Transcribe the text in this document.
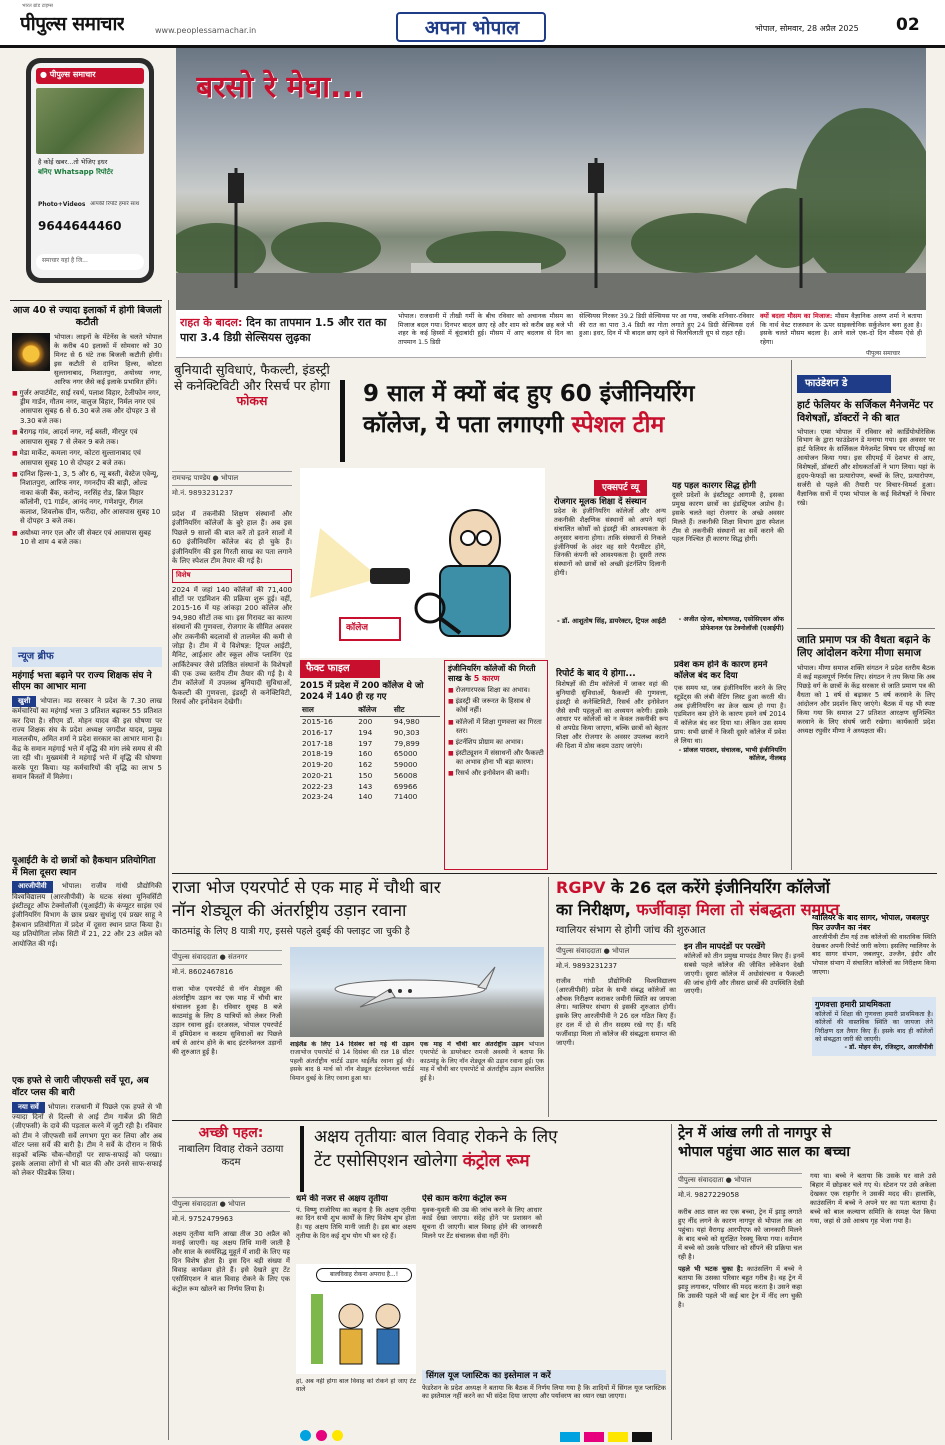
भारत ब्रांड टाइम्स
पीपुल्स समाचार	www.peoplessamachar.in	अपना भोपाल	भोपाल, सोमवार, 28 अप्रैल 2025 02
● पीपुल्स समाचार
है कोई खबर...तो भेजिए इधर
बनिए Whatsapp रिपोर्टर
Photo+Videos आपकी रिपोर्ट हमारे साथ
9644644460
समाचार यहां है जि...
बरसो रे मेघा...
राहत के बादल: दिन का तापमान 1.5 और रात का पारा 3.4 डिग्री सेल्सियस लुढ़का
भोपाल। राजधानी में तीखी गर्मी के बीच रविवार को अचानक मौसम का मिजाज बदल गया। दिनभर बादल छाए रहे और शाम को करीब छह बजे भी शहर के कई हिस्सों में बूंदाबांदी हुई। मौसम में आए बदलाव से दिन का तापमान 1.5 डिग्री
सेल्सियस गिरकर 39.2 डिग्री सेल्सियस पर आ गया, जबकि शनिवार-रविवार की रात का पारा 3.4 डिग्री का गोता लगाते हुए 24 डिग्री सेल्सियस दर्ज हुआ। इधर, दिन में भी बादल छाए रहने से चिलचिलाती धूप से राहत रही।
क्यों बदला मौसम का मिजाज: मौसम वैज्ञानिक अरुण शर्मा ने बताया कि नार्थ वेस्ट राजस्थान के ऊपर साइक्लोनिक सर्कुलेशन बना हुआ है। इसके चलते मौसम बदला है। आने वाले एक-दो दिन मौसम ऐसे ही रहेगा।
पीपुल्स समाचार
आज 40 से ज्यादा इलाकों में होगी बिजली कटौती
भोपाल। लाइनों के मेंटेनेंस के चलते भोपाल के करीब 40 इलाकों में सोमवार को 30 मिनट से 6 घंटे तक बिजली कटौती होगी। इस कटौती से दानिश हिल्स, कोटरा सुल्तानाबाद, निशातपुरा, अयोध्या नगर, आरिफ नगर जैसे कई इलाके प्रभावित होंगे।
■ गुर्जर अपार्टमेंट, साई रवर्थ, पलाश विहार, टेलीफोन नगर, ड्रीम गार्डन, गौतम नगर, वालुज विहार, निर्मल नगर एवं आसपास सुबह 6 से 6.30 बजे तक और दोपहर 3 से 3.30 बजे तक।
■ बैरागढ़ गांव, आदर्श नगर, नई बस्ती, मीरपुर एवं आसपास सुबह 7 से लेकर 9 बजे तक।
■ मेडा मार्केट, कमला नगर, कोटरा सुल्तानाबाद एवं आसपास सुबह 10 से दोपहर 2 बजे तक।
■ दानिश हिल्स-1, 3, 5 और 6, न्यू बस्ती, वेस्टेज एवेन्यू, निशातपुरा, आरिफ नगर, गगनदीप की बाड़ी, ओल्ड नाका कंजी बैंक, करोन्द, नरसिंह रोड, ब्रिज विहार कॉलोनी, ए1 गार्डन, आनंद नगर, गणेशपुर, रीगल कलाश, शिवलोक ग्रीन, फरीदा, और आसपास सुबह 10 से दोपहर 3 बजे तक।
■ अयोध्या नगर एल और जी सेक्टर एवं आसपास सुबह 10 से शाम 4 बजे तक।
न्यूज ब्रीफ
महंगाई भत्ता बढ़ाने पर राज्य शिक्षक संघ ने सीएम का आभार माना
खुशी भोपाल। मप्र सरकार ने प्रदेश के 7.30 लाख कर्मचारियों का महंगाई भत्ता 3 प्रतिशत बढ़ाकर 55 प्रतिशत कर दिया है। सीएम डॉ. मोहन यादव की इस घोषणा पर राज्य शिक्षक संघ के प्रदेश अध्यक्ष जगदीश यादव, प्रमुख माललवीय, अमित शर्मा ने प्रदेश सरकार का आभार माना है। केंद्र के समान महंगाई भत्ते में वृद्धि की मांग लंबे समय से की जा रही थी। मुख्यमंत्री ने महंगाई भत्ते में वृद्धि की घोषणा करके पूरा किया। यह कर्मचारियों की वृद्धि का लाभ 5 समान किस्तों में मिलेगा।
यूआईटी के दो छात्रों को हैकथान प्रतियोगिता में मिला दूसरा स्थान
आरजीपीवी भोपाल। राजीव गांधी प्रौद्योगिकी विश्वविद्यालय (आरजीपीवी) के घटक संस्था यूनिवर्सिटी इंस्टीट्यूट ऑफ टेक्नोलॉजी (यूआईटी) के कंप्यूटर साइंस एवं इंजीनियरिंग विभाग के छात्र प्रखर सुधांशु एवं प्रखर साहू ने हैकथान प्रतियोगिता में प्रदेश में दूसरा स्थान प्राप्त किया है। यह प्रतियोगिता लोक सिटी में 21, 22 और 23 अप्रैल को आयोजित की गई।
एक हफ्ते से जारी जीएफसी सर्वे पूरा, अब वॉटर प्लस की बारी
नया सर्वे भोपाल। राजधानी में पिछले एक हफ्ते से भी ज्यादा दिनों से दिल्ली से आई टीम गार्बेज फ्री सिटी (जीएफसी) के दावे की पड़ताल करने में जुटी रही है। रविवार को टीम ने जीएफसी सर्वे लगभग पूरा कर लिया और अब वॉटर प्लस सर्वे की बारी है। टीम ने सर्वे के दौरान न सिर्फ सड़कों बल्कि चौक-चौराहों पर साफ-सफाई को परखा। इसके अलावा लोगों से भी बात की और उनसे साफ-सफाई को लेकर फीडबैक लिया।
बुनियादी सुविधाएं, फैकल्टी, इंडस्ट्री से कनेक्टिविटी और रिसर्च पर होगा फोकस	9 साल में क्यों बंद हुए 60 इंजीनियरिंग
कॉलेज, ये पता लगाएगी स्पेशल टीम
रामचन्द्र पाण्डेय ● भोपाल
मो.नं. 9893231237
प्रदेश में तकनीकी शिक्षण संस्थानों और इंजीनियरिंग कॉलेजों के बुरे हाल हैं। अब इस पिछले 9 सालों की बात करें तो इतने सालों में 60 इंजीनियरिंग कॉलेज बंद हो चुके हैं। इंजीनियरिंग की इस गिरती साख का पता लगाने के लिए स्पेशल टीम तैयार की गई है।
विशेष
2024 में जहां 140 कॉलेजों की 71,400 सीटों पर एडमिशन की प्रक्रिया शुरू हुई। वहीं, 2015-16 में यह आंकड़ा 200 कॉलेज और 94,980 सीटों तक था। इस गिरावट का कारण संस्थानों की गुणवत्ता, रोजगार के सीमित अवसर और तकनीकी बदलावों से तालमेल की कमी से जोड़ा है। टीम में ये विशेषज्ञ: ट्रिपल आईटी, मैनिट, आईआर और स्कूल ऑफ प्लानिंग एंड आर्किटेक्चर जैसे प्रतिष्ठित संस्थानों के विशेषज्ञों की एक उच्च स्तरीय टीम तैयार की गई है। ये टीम कॉलेजों में उपलब्ध बुनियादी सुविधाओं, फैकल्टी की गुणवत्ता, इंडस्ट्री से कनेक्टिविटी, रिसर्च और इनोवेशन देखेगी।
कॉलेज
फैक्ट फाइल
2015 में प्रदेश में 200 कॉलेज थे जो 2024 में 140 ही रह गए
साल	कॉलेज	सीट
2015-16	200	94,980
2016-17	194	90,303
2017-18	197	79,899
2018-19	160	65000
2019-20	162	59000
2020-21	150	56008
2022-23	143	69966
2023-24	140	71400
इंजीनियरिंग कॉलेजों की गिरती साख के 5 कारण
■ रोजगारपरक शिक्षा का अभाव।
■ इंडस्ट्री की जरूरत के हिसाब से कोर्स नहीं।
■ कॉलेजों में शिक्षा गुणवत्ता का गिरता स्तर।
■ इंटर्नशिप प्रोग्राम का अभाव।
■ इंस्टीट्यूशन में संसाधनों और फैकल्टी का अभाव होना भी बड़ा कारण।
■ रिसर्च और इनोवेशन की कमी।
एक्सपर्ट व्यू
रोजगार मूलक शिक्षा दें संस्थान
प्रदेश के इंजीनियरिंग कॉलेजों और अन्य तकनीकी शैक्षणिक संस्थानों को अपने यहां संचालित कोर्सों को इंडस्ट्री की आवश्यकता के अनुसार बनाना होगा। ताकि संस्थानों से निकले इंजीनियर्स के अंदर वह सारे पैरामीटर होंगे, जिनकी कंपनी को आवश्यकता है। दूसरी तरफ संस्थानों को छात्रों को अच्छी इंटर्नशिप दिलानी होगी।
- डॉ. आशुतोष सिंह, डायरेक्टर, ट्रिपल आईटी
यह पहल कारगर सिद्ध होगी
दूसरे प्रदेशों के इंस्टीट्यूट आगामी है, इसका प्रमुख कारण छात्रों का इंडस्ट्रियल अप्रोच है। इसके चलते वहां रोजगार के अच्छे अवसर मिलते हैं। तकनीकी शिक्षा विभाग द्वारा स्पेशल टीम से तकनीकी संस्थानों का सर्वे कराने की पहल निश्चित ही कारगर सिद्ध होगी।
- अजीत रहेजा, कोषाध्यक्ष, एसोसिएशन ऑफ प्रोफेशनल एंड टेक्नोलॉजी (एआईपी)
रिपोर्ट के बाद ये होगा...
विशेषज्ञों की टीम कॉलेजों में जाकर वहां की बुनियादी सुविधाओं, फैकल्टी की गुणवत्ता, इंडस्ट्री से कनेक्टिविटी, रिसर्च और इनोवेशन जैसे सभी पहलुओं का अध्ययन करेगी। इसके आधार पर कॉलेजों को न केवल तकनीकी रूप से अपग्रेड किया जाएगा, बल्कि छात्रों को बेहतर शिक्षा और रोजगार के अवसर उपलब्ध कराने की दिशा में ठोस कदम उठाए जाएंगे।
प्रवेश कम होने के कारण हमने कॉलेज बंद कर दिया
एक समय था, जब इंजीनियरिंग करने के लिए स्टूडेंट्स की लंबी वेटिंग लिस्ट हुआ करती थी। अब इंजीनियरिंग का क्रेज खत्म हो गया है। एडमिशन कम होने के कारण हमने वर्ष 2014 में कॉलेज बंद कर दिया था। लेकिन उस समय प्राय: सभी छात्रों ने किसी दूसरे कॉलेज में प्रवेश ले लिया था।
- प्रांजल पाराशर, संचालक, भाभी इंजीनियरिंग कॉलेज, नीलबड़
फाउंडेशन डे
हार्ट फेलियर के सर्जिकल मैनेजमेंट पर विशेषज्ञों, डॉक्टरों ने की बात
भोपाल। एम्स भोपाल में रविवार को कार्डियोथोरेसिक विभाग के द्वारा फाउंडेशन डे मनाया गया। इस अवसर पर हार्ट फेलियर के सर्जिकल मैनेजमेंट विषय पर सीएमई का आयोजन किया गया। इस सीएमई में देशभर से आए, विशेषज्ञों, डॉक्टरों और शोधकर्ताओं ने भाग लिया। यहां के हृदय-फेफड़ों का प्रत्यारोपण, बच्चों के लिए, प्रत्यारोपण, सर्जरी से पहले की तैयारी पर विचार-विमर्श हुआ। वैज्ञानिक सत्रों में एम्स भोपाल के कई विशेषज्ञों ने विचार रखे।
जाति प्रमाण पत्र की वैधता बढ़ाने के लिए आंदोलन करेगा मीणा समाज
भोपाल। मीणा समाज शक्ति संगठन ने प्रदेश स्तरीय बैठक में कई महत्वपूर्ण निर्णय लिए। संगठन ने तय किया कि अब पिछड़े वर्ग के छात्रों के केंद्र सरकार से जाति प्रमाण पत्र की वैधता को 1 वर्ष से बढ़ाकर 5 वर्ष करवाने के लिए आंदोलन और प्रदर्शन किए जाएंगे। बैठक में यह भी स्पष्ट किया गया कि समाज 27 प्रतिशत आरक्षण सुनिश्चित करवाने के लिए संघर्ष जारी रखेगा। कार्यकारी प्रदेश अध्यक्ष रघुवीर मीणा ने अध्यक्षता की।
राजा भोज एयरपोर्ट से एक माह में चौथी बार
नॉन शेड्यूल की अंतर्राष्ट्रीय उड़ान रवाना
काठमांडू के लिए 8 यात्री गए, इससे पहले दुबई की फ्लाइट जा चुकी है
पीपुल्स संवाददाता ● संतनगर
मो.नं. 8602467816
राजा भोज एयरपोर्ट से नॉन शेड्यूल की अंतर्राष्ट्रीय उड़ान का एक माह में चौथी बार संचालन हुआ है। रविवार सुबह 8 बजे काठमांडू के लिए 8 यात्रियों को लेकर निजी उड़ान रवाना हुई। दरअसल, भोपाल एयरपोर्ट में इमिग्रेशन व कस्टम सुविधाओं का पिछले वर्ष से आरंभ होने के बाद इंटरनेशनल उड़ानों की शुरुआत हुई है।
शाईलैंड के लिए 14 दिसंबर को गई थी उड़ान राजाभोज एयरपोर्ट से 14 दिसंबर की रात 18 सीटर पहली अंतर्राष्ट्रीय चार्टर्ड उड़ान थाईलैंड रवाना हुई थी। इसके बाद 8 मार्च को नॉन शेड्यूल इंटरनेशनल चार्टर्ड विमान दुबई के लिए रवाना हुआ था।
एक माह में चौथी बार अंतर्राष्ट्रीय उड़ान भोपाल एयरपोर्ट के डायरेक्टर रामजी अवस्थी ने बताया कि काठमांडू के लिए नॉन शेड्यूल की उड़ान रवाना हुई। एक माह में चौथी बार एयरपोर्ट से अंतर्राष्ट्रीय उड़ान संचालित हुई है।
RGPV के 26 दल करेंगे इंजीनियरिंग कॉलेजों
का निरीक्षण, फर्जीवाड़ा मिला तो संबद्धता समाप्त
ग्वालियर संभाग से होगी जांच की शुरुआत
पीपुल्स संवाददाता ● भोपाल
मो.नं. 9893231237
राजीव गांधी प्रौद्योगिकी विश्वविद्यालय (आरजीपीवी) प्रदेश के सभी संबद्ध कॉलेजों का औचक निरीक्षण कराकर जमीनी स्थिति का जायजा लेगा। ग्वालियर संभाग से इसकी शुरुआत होगी। इसके लिए आरजीपीवी ने 26 दल गठित किए हैं। हर दल में दो से तीन सदस्य रखे गए हैं। यदि फर्जीवाड़ा मिला तो कॉलेज की संबद्धता समाप्त की जाएगी।
इन तीन मापदंडों पर परखेंगे
कॉलेजों को तीन प्रमुख मापदंड तैयार किए हैं। इनमें सबसे पहले कॉलेज की जीवित लोकेशन देखी जाएगी। दूसरा कॉलेज में अधोसंरचना व फैकल्टी की जांच होगी और तीसरा छात्रों की उपस्थिति देखी जाएगी।
ग्वालियर के बाद सागर, भोपाल, जबलपुर फिर उज्जैन का नंबर
आरजीपीवी टीम गई तक कॉलेजों की वास्तविक स्थिति देखकर अपनी रिपोर्ट जारी करेगा। इसलिए ग्वालियर के बाद सागर संभाग, जबलपुर, उज्जैन, इंदौर और भोपाल संभाग में संचालित कॉलेजों का निरीक्षण किया जाएगा।
गुणवत्ता हमारी प्राथमिकता
कॉलेजों में शिक्षा की गुणवत्ता हमारी प्राथमिकता है। कॉलेजों की वास्तविक स्थिति का जायजा लेने निरीक्षण दल तैयार किए हैं। इसके बाद ही कॉलेजों को संबद्धता जारी की जाएगी।
- डॉ. मोहन सेन, रजिस्ट्रार, आरजीपीवी
अच्छी पहल:
नाबालिग विवाह रोकने उठाया कदम
अक्षय तृतीयाः बाल विवाह रोकने के लिए
टेंट एसोसिएशन खोलेगा कंट्रोल रूम
पीपुल्स संवाददाता ● भोपाल
मो.नं. 9752479963
अक्षय तृतीया यानि आखा तीज 30 अप्रैल को मनाई जाएगी। यह अक्षय तिथि मानी जाती है और साल के स्वयंसिद्ध मुहूर्त में शादी के लिए यह दिन विशेष होता है। इस दिन बड़ी संख्या में विवाह कार्यक्रम होते हैं। इसे देखते हुए टेंट एसोसिएशन ने बाल विवाह रोकने के लिए एक कंट्रोल रूम खोलने का निर्णय लिया है।
धर्म की नजर से अक्षय तृतीया
पं. विष्णु राजोरिया का कहना है कि अक्षय तृतीया का दिन सभी शुभ कार्यों के लिए विशेष शुभ होता है। यह अक्षय तिथि मानी जाती है। इस बार अक्षय तृतीया के दिन कई शुभ योग भी बन रहे हैं।
बालविवाह रोकना अपराध है...!
हां, अब नहीं होगा बाल विवाह को रोकने हो जाए टेंट वाले
ऐसे काम करेगा कंट्रोल रूम
युवक-युवती की उम्र की जांच करने के लिए आधार कार्ड देखा जाएगा। संदेह होने पर प्रशासन को सूचना दी जाएगी। बाल विवाह होने की जानकारी मिलने पर टेंट संचालक सेवा नहीं देंगे।
सिंगल यूज प्लास्टिक का इस्तेमाल न करें
फेडरेशन के प्रदेश अध्यक्ष ने बताया कि बैठक में निर्णय लिया गया है कि शादियों में सिंगल यूज प्लास्टिक का इस्तेमाल नहीं करने का भी संदेश दिया जाएगा और पर्यावरण का ध्यान रखा जाएगा।
ट्रेन में आंख लगी तो नागपुर से
भोपाल पहुंचा आठ साल का बच्चा
पीपुल्स संवाददाता ● भोपाल
मो.नं. 9827229058
करीब आठ साल का एक बच्चा, ट्रेन में झाड़ू लगाते हुए नींद लगने के कारण नागपुर से भोपाल तक आ पहुंचा। यहां वैरागढ़ आरपीएफ को जानकारी मिलने के बाद बच्चे को सुरक्षित रेस्क्यू किया गया। वर्तमान में बच्चे को उसके परिवार को सौंपने की प्रक्रिया चल रही है।
पहले भी भटक चुका है: काउंसलिंग में बच्चे ने बताया कि उसका परिवार बहुत गरीब है। वह ट्रेन में झाड़ू लगाकर, परिवार की मदद करता है। उसने कहा कि उसकी पहले भी कई बार ट्रेन में नींद लग चुकी है।
गया था। बच्चे ने बताया कि उसके घर वाले उसे बिहार में छोड़कर चले गए थे। स्टेशन पर उसे अकेला देखकर एक राहगीर ने उसकी मदद की। हालांकि, काउंसलिंग में बच्चे ने अपने घर का पता बताया है। बच्चे को बाल कल्याण समिति के समक्ष पेश किया गया, जहां से उसे आश्रय गृह भेजा गया है।
